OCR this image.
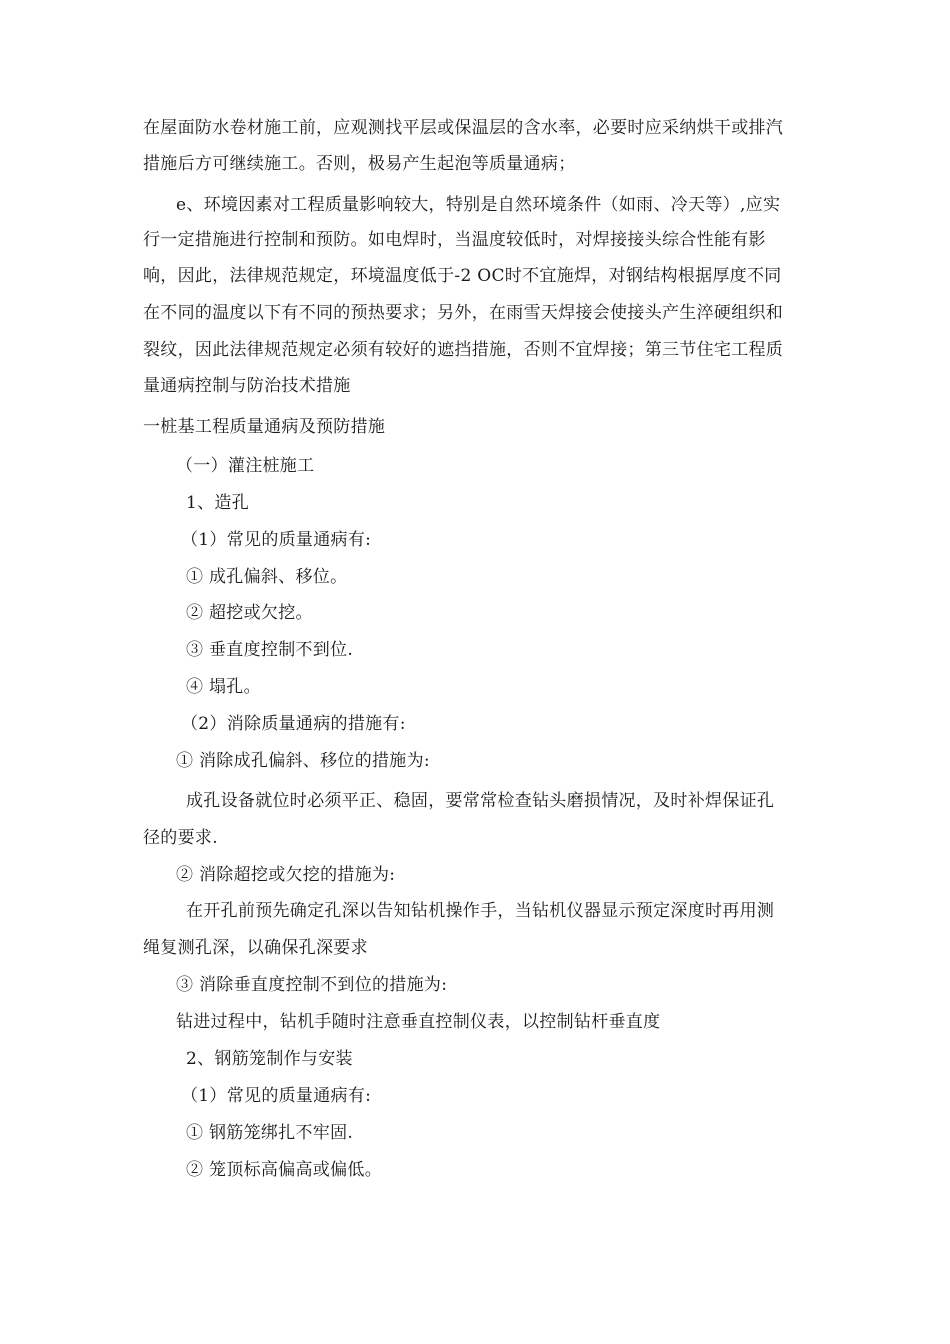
在屋面防水卷材施工前，应观测找平层或保温层的含水率，必要时应采纳烘干或排汽
措施后方可继续施工。否则，极易产生起泡等质量通病；
e、环境因素对工程质量影响较大，特别是自然环境条件（如雨、冷天等）,应实
行一定措施进行控制和预防。如电焊时，当温度较低时，对焊接接头综合性能有影
响，因此，法律规范规定，环境温度低于-2 OC时不宜施焊，对钢结构根据厚度不同
在不同的温度以下有不同的预热要求；另外，在雨雪天焊接会使接头产生淬硬组织和
裂纹，因此法律规范规定必须有较好的遮挡措施，否则不宜焊接；第三节住宅工程质
量通病控制与防治技术措施
一桩基工程质量通病及预防措施
（一）灌注桩施工
1、造孔
（1）常见的质量通病有:
① 成孔偏斜、移位。
② 超挖或欠挖。
③ 垂直度控制不到位.
④ 塌孔。
（2）消除质量通病的措施有:
① 消除成孔偏斜、移位的措施为:
成孔设备就位时必须平正、稳固，要常常检查钻头磨损情况，及时补焊保证孔
径的要求.
② 消除超挖或欠挖的措施为:
在开孔前预先确定孔深以告知钻机操作手，当钻机仪器显示预定深度时再用测
绳复测孔深，以确保孔深要求
③ 消除垂直度控制不到位的措施为:
钻进过程中，钻机手随时注意垂直控制仪表，以控制钻杆垂直度
2、钢筋笼制作与安装
（1）常见的质量通病有:
① 钢筋笼绑扎不牢固.
② 笼顶标高偏高或偏低。
